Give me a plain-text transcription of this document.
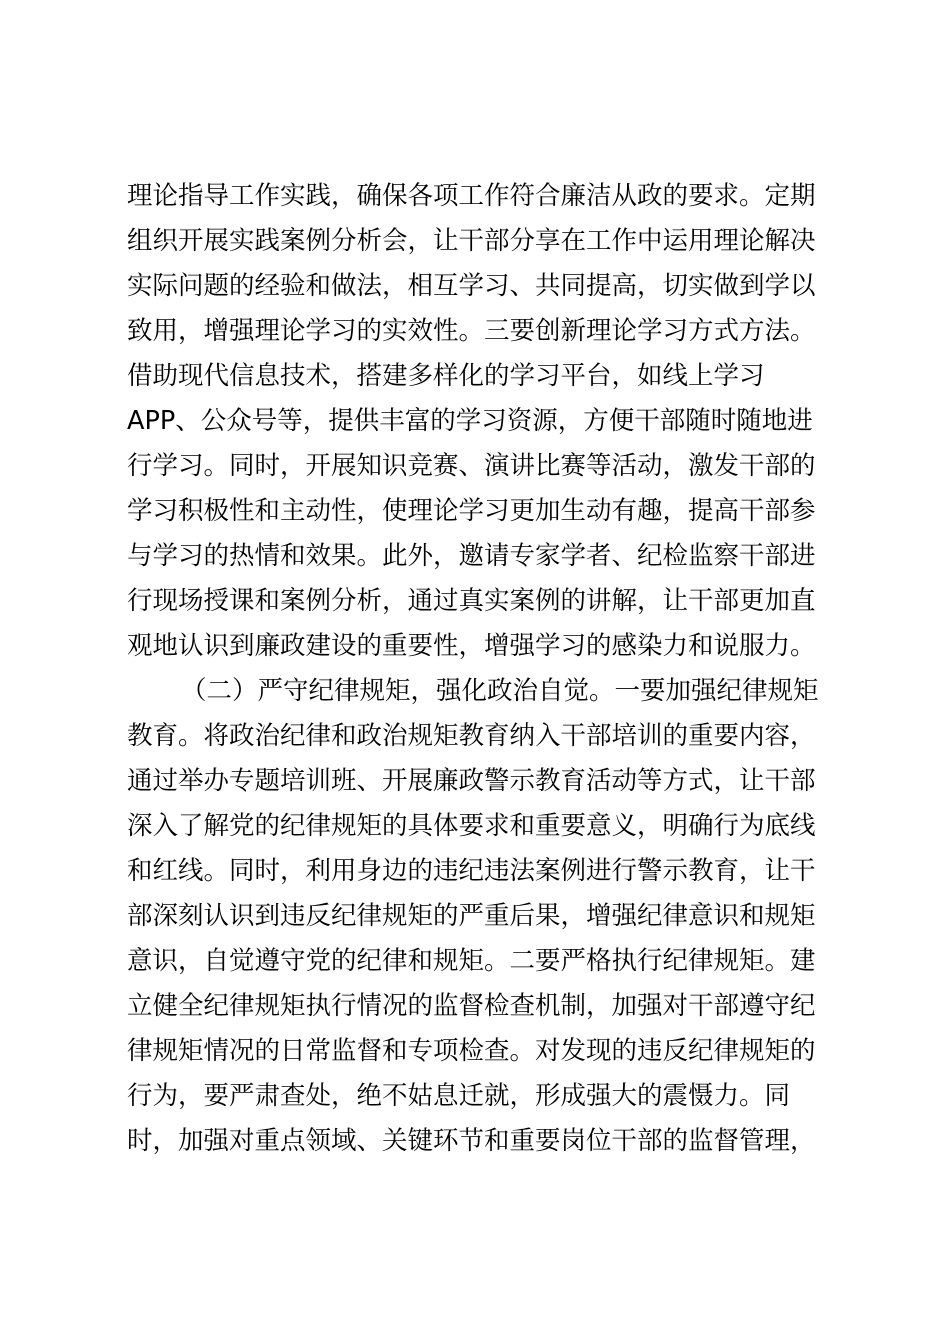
理论指导工作实践，确保各项工作符合廉洁从政的要求。定期
组织开展实践案例分析会，让干部分享在工作中运用理论解决
实际问题的经验和做法，相互学习、共同提高，切实做到学以
致用，增强理论学习的实效性。三要创新理论学习方式方法。
借助现代信息技术，搭建多样化的学习平台，如线上学习
APP、公众号等，提供丰富的学习资源，方便干部随时随地进
行学习。同时，开展知识竞赛、演讲比赛等活动，激发干部的
学习积极性和主动性，使理论学习更加生动有趣，提高干部参
与学习的热情和效果。此外，邀请专家学者、纪检监察干部进
行现场授课和案例分析，通过真实案例的讲解，让干部更加直
观地认识到廉政建设的重要性，增强学习的感染力和说服力。
（二）严守纪律规矩，强化政治自觉。一要加强纪律规矩
教育。将政治纪律和政治规矩教育纳入干部培训的重要内容，
通过举办专题培训班、开展廉政警示教育活动等方式，让干部
深入了解党的纪律规矩的具体要求和重要意义，明确行为底线
和红线。同时，利用身边的违纪违法案例进行警示教育，让干
部深刻认识到违反纪律规矩的严重后果，增强纪律意识和规矩
意识，自觉遵守党的纪律和规矩。二要严格执行纪律规矩。建
立健全纪律规矩执行情况的监督检查机制，加强对干部遵守纪
律规矩情况的日常监督和专项检查。对发现的违反纪律规矩的
行为，要严肃查处，绝不姑息迁就，形成强大的震慑力。同
时，加强对重点领域、关键环节和重要岗位干部的监督管理，
